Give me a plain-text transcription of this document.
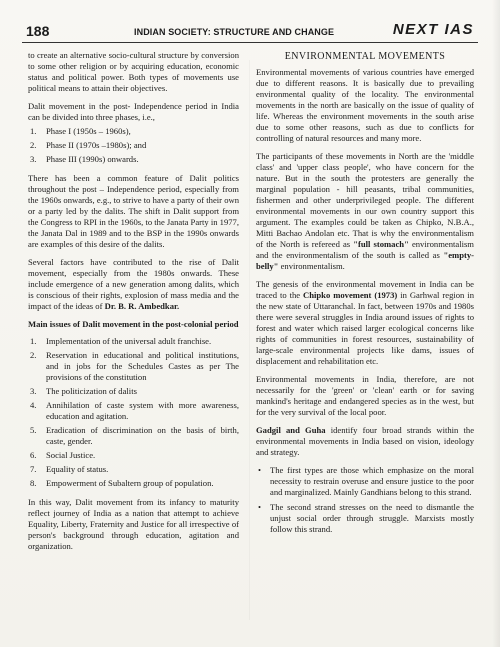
188	INDIAN SOCIETY: STRUCTURE AND CHANGE	NEXT IAS

to create an alternative socio-cultural structure by conversion to some other religion or by acquiring education, economic status and political power. Both types of movements use political means to attain their objectives.

Dalit movement in the post- Independence period in India can be divided into three phases, i.e.,

1. Phase I (1950s – 1960s),
2. Phase II (1970s –1980s); and
3. Phase III (1990s) onwards.

There has been a common feature of Dalit politics throughout the post – Independence period, especially from the 1960s onwards, e.g., to strive to have a party of their own or a party led by the dalits. The shift in Dalit support from the Congress to RPI in the 1960s, to the Janata Party in 1977, the Janata Dal in 1989 and to the BSP in the 1990s onwards are examples of this desire of the dalits.

Several factors have contributed to the rise of Dalit movement, especially from the 1980s onwards. These include emergence of a new generation among dalits, which is conscious of their rights, explosion of mass media and the impact of the ideas of Dr. B. R. Ambedkar.

Main issues of Dalit movement in the post-colonial period
1. Implementation of the universal adult franchise.
2. Reservation in educational and political institutions, and in jobs for the Schedules Castes as per The provisions of the constitution
3. The politicization of dalits
4. Annihilation of caste system with more awareness, education and agitation.
5. Eradication of discrimination on the basis of birth, caste, gender.
6. Social Justice.
7. Equality of status.
8. Empowerment of Subaltern group of population.

In this way, Dalit movement from its infancy to maturity reflect journey of India as a nation that attempt to achieve Equality, Liberty, Fraternity and Justice for all irrespective of person's background through education, agitation and organization.

ENVIRONMENTAL MOVEMENTS

Environmental movements of various countries have emerged due to different reasons. It is basically due to prevailing environmental quality of the locality. The environmental movements in the north are basically on the issue of quality of life. Whereas the environment movements in the south arise due to some other reasons, such as due to conflicts for controlling of natural resources and many more.

The participants of these movements in North are the 'middle class' and 'upper class people', who have concern for the nature. But in the south the protesters are generally the marginal population - hill peasants, tribal communities, fishermen and other underprivileged people. The different environmental movements in our own country support this argument. The examples could be taken as Chipko, N.B.A., Mitti Bachao Andolan etc. That is why the environmentalism of the North is refereed as "full stomach" environmentalism and the environmentalism of the south is called as "empty-belly" environmentalism.

The genesis of the environmental movement in India can be traced to the Chipko movement (1973) in Garhwal region in the new state of Uttaranchal. In fact, between 1970s and 1980s there were several struggles in India around issues of rights to forest and water which raised larger ecological concerns like rights of communities in forest resources, sustainability of large-scale environmental projects like dams, issues of displacement and rehabilitation etc.

Environmental movements in India, therefore, are not necessarily for the 'green' or 'clean' earth or for saving mankind's heritage and endangered species as in the west, but for the very survival of the local poor.

Gadgil and Guha identify four broad strands within the environmental movements in India based on vision, ideology and strategy.

• The first types are those which emphasize on the moral necessity to restrain overuse and ensure justice to the poor and marginalized. Mainly Gandhians belong to this strand.
• The second strand stresses on the need to dismantle the unjust social order through struggle. Marxists mostly follow this strand.
